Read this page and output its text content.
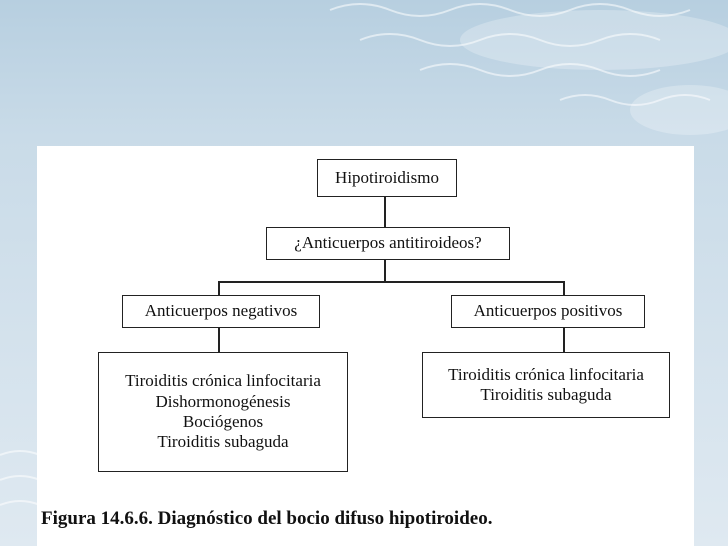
Hipotiroidismo
¿Anticuerpos antitiroideos?
Anticuerpos negativos	Anticuerpos positivos
Tiroiditis crónica linfocitaria
Dishormonogénesis
Bociógenos
Tiroiditis subaguda
Tiroiditis crónica linfocitaria
Tiroiditis subaguda
Figura 14.6.6. Diagnóstico del bocio difuso hipotiroideo.
